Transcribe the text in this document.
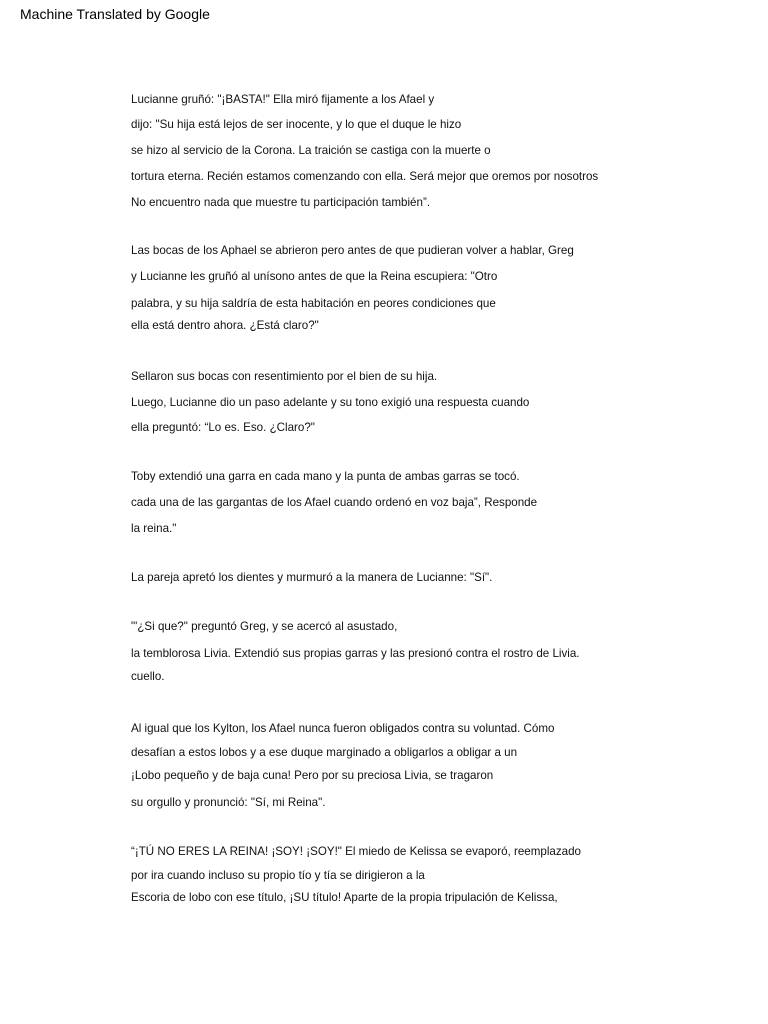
Machine Translated by Google
Lucianne gruñó: "¡BASTA!" Ella miró fijamente a los Afael y
dijo: "Su hija está lejos de ser inocente, y lo que el duque le hizo
se hizo al servicio de la Corona. La traición se castiga con la muerte o
tortura eterna. Recién estamos comenzando con ella. Será mejor que oremos por nosotros
No encuentro nada que muestre tu participación también”.
Las bocas de los Aphael se abrieron pero antes de que pudieran volver a hablar, Greg
y Lucianne les gruñó al unísono antes de que la Reina escupiera: "Otro
palabra, y su hija saldría de esta habitación en peores condiciones que
ella está dentro ahora. ¿Está claro?"
Sellaron sus bocas con resentimiento por el bien de su hija.
Luego, Lucianne dio un paso adelante y su tono exigió una respuesta cuando
ella preguntó: “Lo es. Eso. ¿Claro?"
Toby extendió una garra en cada mano y la punta de ambas garras se tocó.
cada una de las gargantas de los Afael cuando ordenó en voz baja”, Responde
la reina."
La pareja apretó los dientes y murmuró a la manera de Lucianne: "Sí".
"'¿Si que?" preguntó Greg, y se acercó al asustado,
la temblorosa Livia. Extendió sus propias garras y las presionó contra el rostro de Livia.
cuello.
Al igual que los Kylton, los Afael nunca fueron obligados contra su voluntad. Cómo
desafían a estos lobos y a ese duque marginado a obligarlos a obligar a un
¡Lobo pequeño y de baja cuna! Pero por su preciosa Livia, se tragaron
su orgullo y pronunció: "Sí, mi Reina".
“¡TÚ NO ERES LA REINA! ¡SOY! ¡SOY!" El miedo de Kelissa se evaporó, reemplazado
por ira cuando incluso su propio tío y tía se dirigieron a la
Escoria de lobo con ese título, ¡SU título! Aparte de la propia tripulación de Kelissa,
